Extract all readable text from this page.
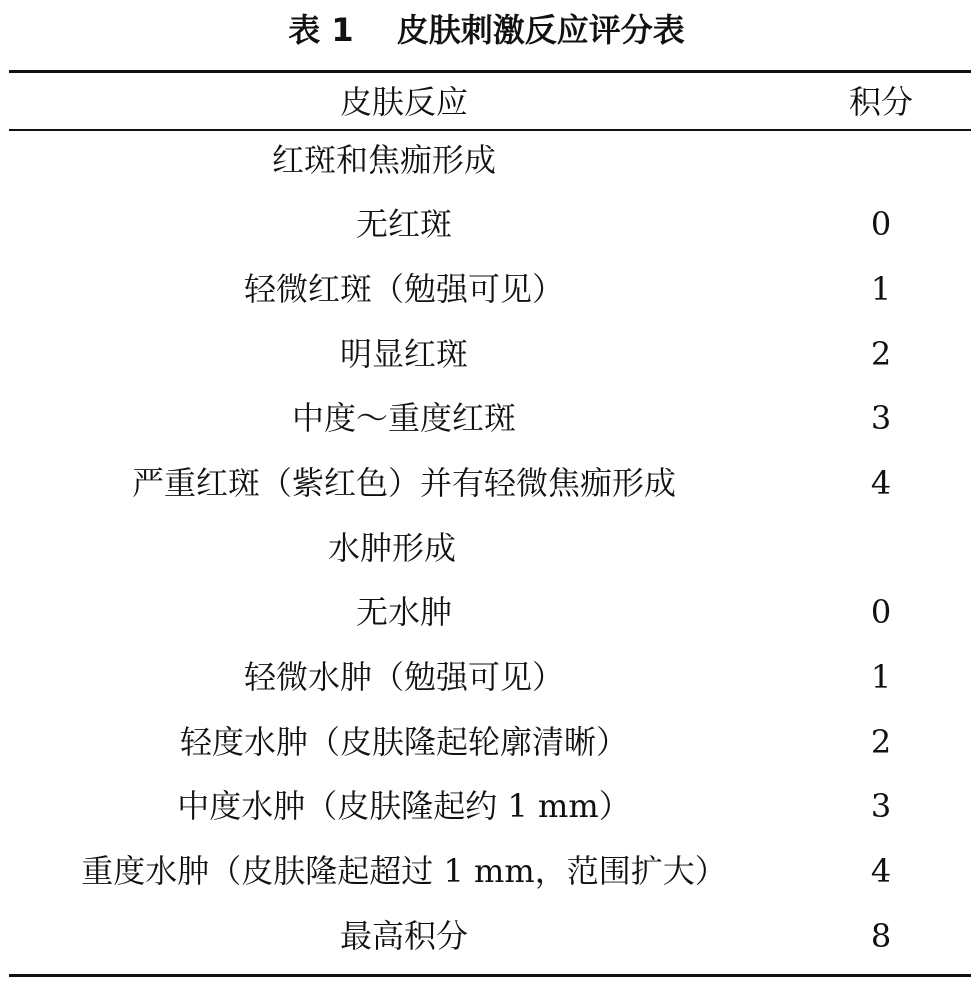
表 1　 皮肤刺激反应评分表
皮肤反应	积分
红斑和焦痂形成
无红斑	0
轻微红斑（勉强可见）	1
明显红斑	2
中度～重度红斑	3
严重红斑（紫红色）并有轻微焦痂形成	4
水肿形成
无水肿	0
轻微水肿（勉强可见）	1
轻度水肿（皮肤隆起轮廓清晰）	2
中度水肿（皮肤隆起约 1 mm）	3
重度水肿（皮肤隆起超过 1 mm，范围扩大）	4
最高积分	8
